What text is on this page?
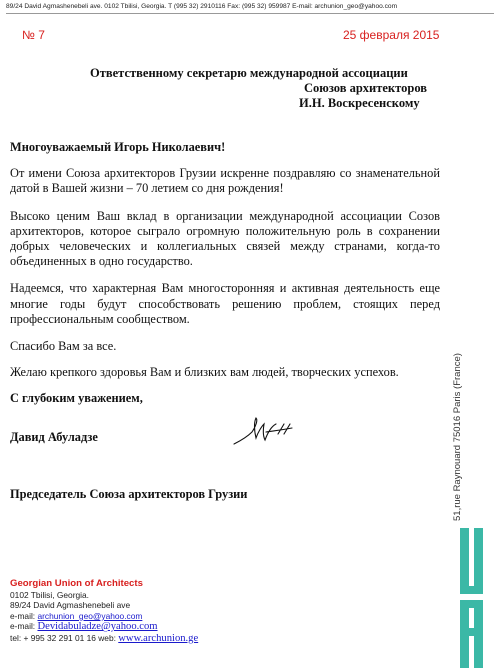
89/24 David Agmashenebeli ave. 0102 Tbilisi, Georgia. T (995 32) 2910116 Fax: (995 32) 959987 E-mail: archunion_geo@yahoo.com
№ 7	25 февраля 2015
Ответственному секретарю международной ассоциации
Союзов архитекторов
И.Н. Воскресенскому
Многоуважаемый Игорь Николаевич!

От имени Союза архитекторов Грузии искренне поздравляю со знаменательной датой в Вашей жизни – 70 летием со дня рождения!

Высоко ценим Ваш вклад в организации международной ассоциации Созов архитекторов, которое сыграло огромную положительную роль в сохранении добрых человеческих и коллегиальных связей между странами, когда-то объединенных в одно государство.

Надеемся, что характерная Вам многосторонняя и активная деятельность еще многие годы будут способствовать решению проблем, стоящих перед профессиональным сообществом.

Спасибо Вам за все.

Желаю крепкого здоровья Вам и близких вам людей, творческих успехов.

С глубоким уважением,
Давид Абуладзе
Председатель Союза архитекторов Грузии	51,rue Raynouard 75016 Paris (France)
Georgian Union of Architects
0102 Tbilisi, Georgia.
89/24 David Agmashenebeli ave
e-mail: archunion_geo@yahoo.com
e-mail: Devidabuladze@yahoo.com
tel: + 995 32 291 01 16 web: www.archunion.ge
